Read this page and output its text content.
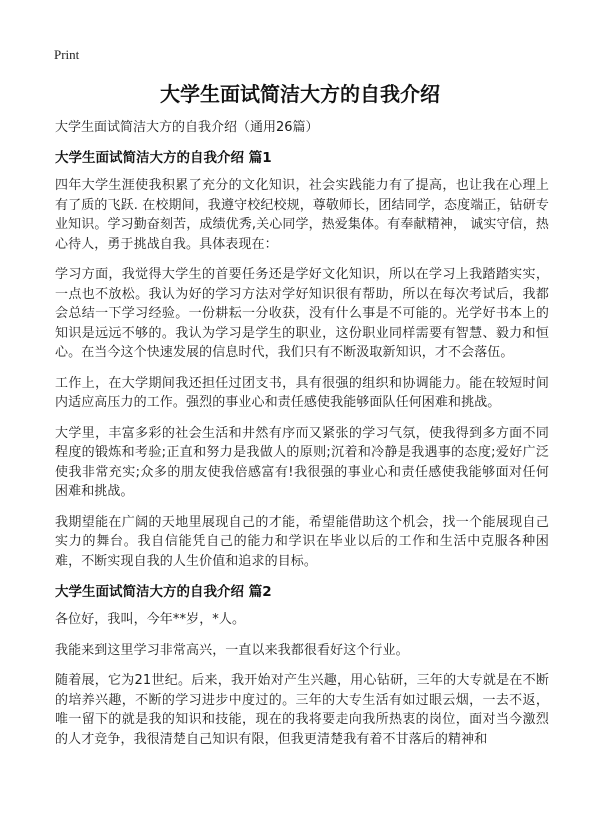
Print
大学生面试简洁大方的自我介绍

大学生面试简洁大方的自我介绍（通用26篇）

大学生面试简洁大方的自我介绍 篇1

四年大学生涯使我积累了充分的文化知识，社会实践能力有了提高，也让我在心理上有了质的飞跃. 在校期间，我遵守校纪校规，尊敬师长，团结同学，态度端正，钻研专业知识。学习勤奋刻苦，成绩优秀,关心同学，热爱集体。有奉献精神， 诚实守信，热心待人，勇于挑战自我。具体表现在：

学习方面，我觉得大学生的首要任务还是学好文化知识，所以在学习上我踏踏实实，一点也不放松。我认为好的学习方法对学好知识很有帮助，所以在每次考试后，我都会总结一下学习经验。一份耕耘一分收获，没有什么事是不可能的。光学好书本上的知识是远远不够的。我认为学习是学生的职业，这份职业同样需要有智慧、毅力和恒心。在当今这个快速发展的信息时代，我们只有不断汲取新知识，才不会落伍。

工作上，在大学期间我还担任过团支书，具有很强的组织和协调能力。能在较短时间内适应高压力的工作。强烈的事业心和责任感使我能够面队任何困难和挑战。

大学里，丰富多彩的社会生活和井然有序而又紧张的学习气氛，使我得到多方面不同程度的锻炼和考验;正直和努力是我做人的原则;沉着和冷静是我遇事的态度;爱好广泛使我非常充实;众多的朋友使我倍感富有!我很强的事业心和责任感使我能够面对任何困难和挑战。

我期望能在广阔的天地里展现自己的才能，希望能借助这个机会，找一个能展现自己实力的舞台。我自信能凭自己的能力和学识在毕业以后的工作和生活中克服各种困难，不断实现自我的人生价值和追求的目标。

大学生面试简洁大方的自我介绍 篇2

各位好，我叫，今年**岁，*人。

我能来到这里学习非常高兴，一直以来我都很看好这个行业。

随着展，它为21世纪。后来，我开始对产生兴趣，用心钻研，三年的大专就是在不断的培养兴趣，不断的学习进步中度过的。三年的大专生活有如过眼云烟，一去不返，唯一留下的就是我的知识和技能，现在的我将要走向我所热衷的岗位，面对当今激烈的人才竞争，我很清楚自己知识有限，但我更清楚我有着不甘落后的精神和
